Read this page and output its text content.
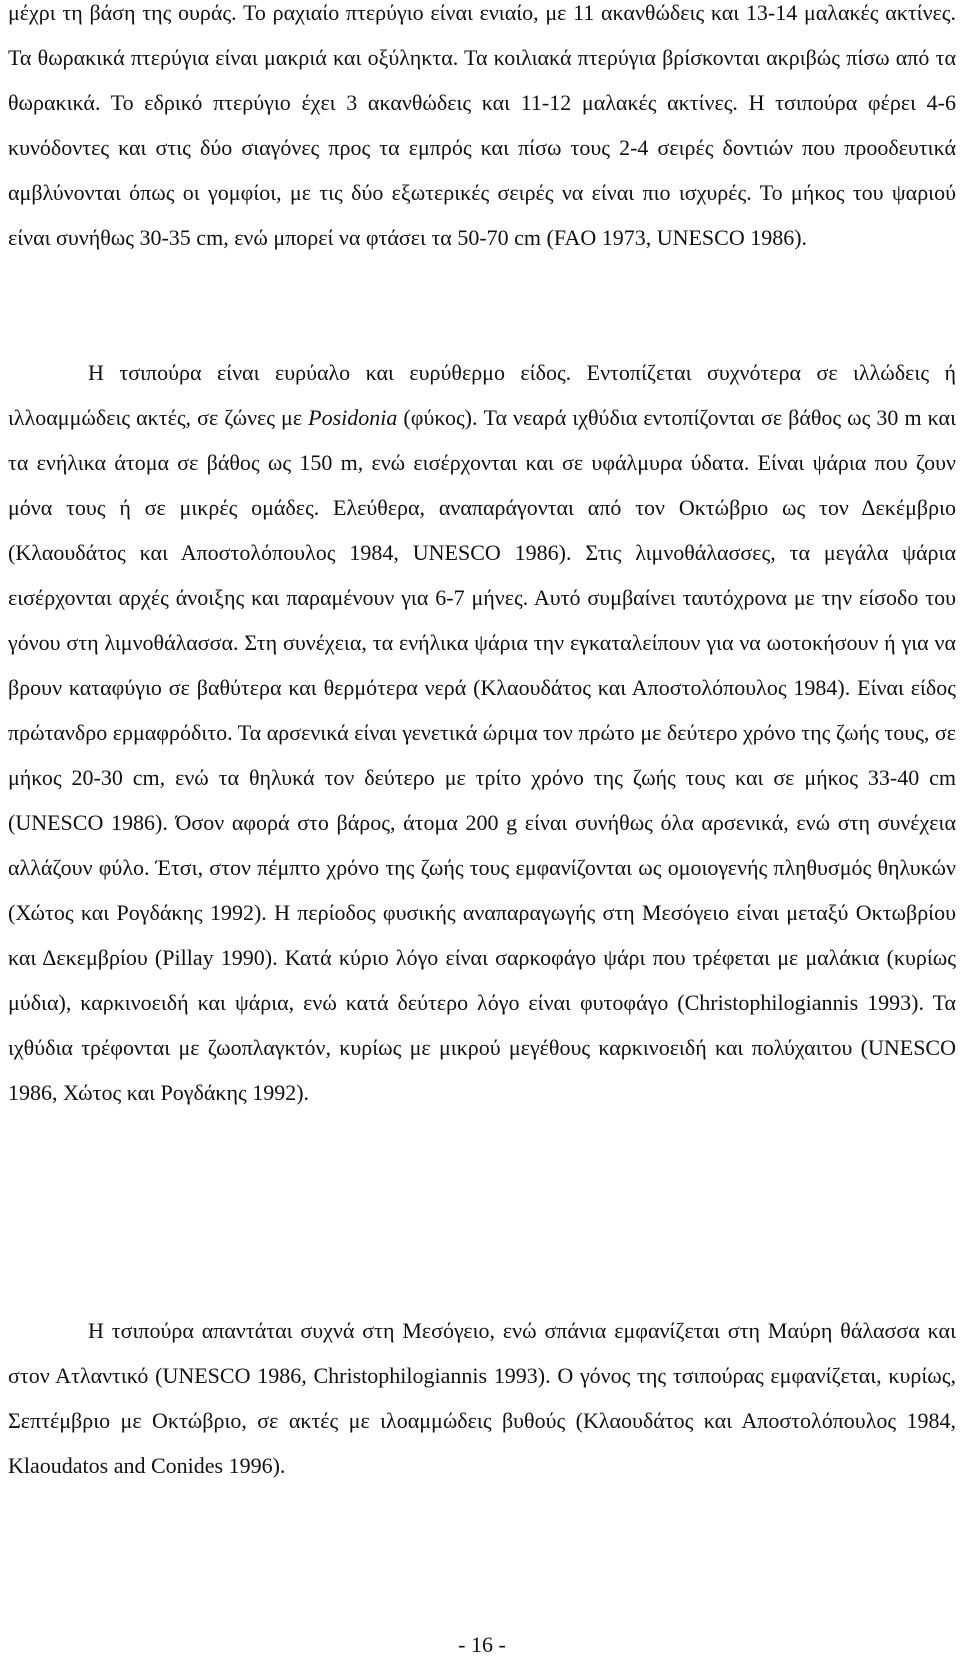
μέχρι τη βάση της ουράς. Το ραχιαίο πτερύγιο είναι ενιαίο, με 11 ακανθώδεις και 13-14 μαλακές ακτίνες. Τα θωρακικά πτερύγια είναι μακριά και οξύληκτα. Τα κοιλιακά πτερύγια βρίσκονται ακριβώς πίσω από τα θωρακικά. Το εδρικό πτερύγιο έχει 3 ακανθώδεις και 11-12 μαλακές ακτίνες. Η τσιπούρα φέρει 4-6 κυνόδοντες και στις δύο σιαγόνες προς τα εμπρός και πίσω τους 2-4 σειρές δοντιών που προοδευτικά αμβλύνονται όπως οι γομφίοι, με τις δύο εξωτερικές σειρές να είναι πιο ισχυρές. Το μήκος του ψαριού είναι συνήθως 30-35 cm, ενώ μπορεί να φτάσει τα 50-70 cm (FAO 1973, UNESCO 1986).

Η τσιπούρα είναι ευρύαλο και ευρύθερμο είδος. Εντοπίζεται συχνότερα σε ιλλώδεις ή ιλλοαμμώδεις ακτές, σε ζώνες με Posidonia (φύκος). Τα νεαρά ιχθύδια εντοπίζονται σε βάθος ως 30 m και τα ενήλικα άτομα σε βάθος ως 150 m, ενώ εισέρχονται και σε υφάλμυρα ύδατα. Είναι ψάρια που ζουν μόνα τους ή σε μικρές ομάδες. Ελεύθερα, αναπαράγονται από τον Οκτώβριο ως τον Δεκέμβριο (Κλαουδάτος και Αποστολόπουλος 1984, UNESCO 1986). Στις λιμνοθάλασσες, τα μεγάλα ψάρια εισέρχονται αρχές άνοιξης και παραμένουν για 6-7 μήνες. Αυτό συμβαίνει ταυτόχρονα με την είσοδο του γόνου στη λιμνοθάλασσα. Στη συνέχεια, τα ενήλικα ψάρια την εγκαταλείπουν για να ωοτοκήσουν ή για να βρουν καταφύγιο σε βαθύτερα και θερμότερα νερά (Κλαουδάτος και Αποστολόπουλος 1984). Είναι είδος πρώτανδρο ερμαφρόδιτο. Τα αρσενικά είναι γενετικά ώριμα τον πρώτο με δεύτερο χρόνο της ζωής τους, σε μήκος 20-30 cm, ενώ τα θηλυκά τον δεύτερο με τρίτο χρόνο της ζωής τους και σε μήκος 33-40 cm (UNESCO 1986). Όσον αφορά στο βάρος, άτομα 200 g είναι συνήθως όλα αρσενικά, ενώ στη συνέχεια αλλάζουν φύλο. Έτσι, στον πέμπτο χρόνο της ζωής τους εμφανίζονται ως ομοιογενής πληθυσμός θηλυκών (Χώτος και Ρογδάκης 1992). Η περίοδος φυσικής αναπαραγωγής στη Μεσόγειο είναι μεταξύ Οκτωβρίου και Δεκεμβρίου (Pillay 1990). Κατά κύριο λόγο είναι σαρκοφάγο ψάρι που τρέφεται με μαλάκια (κυρίως μύδια), καρκινοειδή και ψάρια, ενώ κατά δεύτερο λόγο είναι φυτοφάγο (Christophilogiannis 1993). Τα ιχθύδια τρέφονται με ζωοπλαγκτόν, κυρίως με μικρού μεγέθους καρκινοειδή και πολύχαιτου (UNESCO 1986, Χώτος και Ρογδάκης 1992).

Η τσιπούρα απαντάται συχνά στη Μεσόγειο, ενώ σπάνια εμφανίζεται στη Μαύρη θάλασσα και στον Ατλαντικό (UNESCO 1986, Christophilogiannis 1993). Ο γόνος της τσιπούρας εμφανίζεται, κυρίως, Σεπτέμβριο με Οκτώβριο, σε ακτές με ιλοαμμώδεις βυθούς (Κλαουδάτος και Αποστολόπουλος 1984, Klaoudatos and Conides 1996).

- 16 -
